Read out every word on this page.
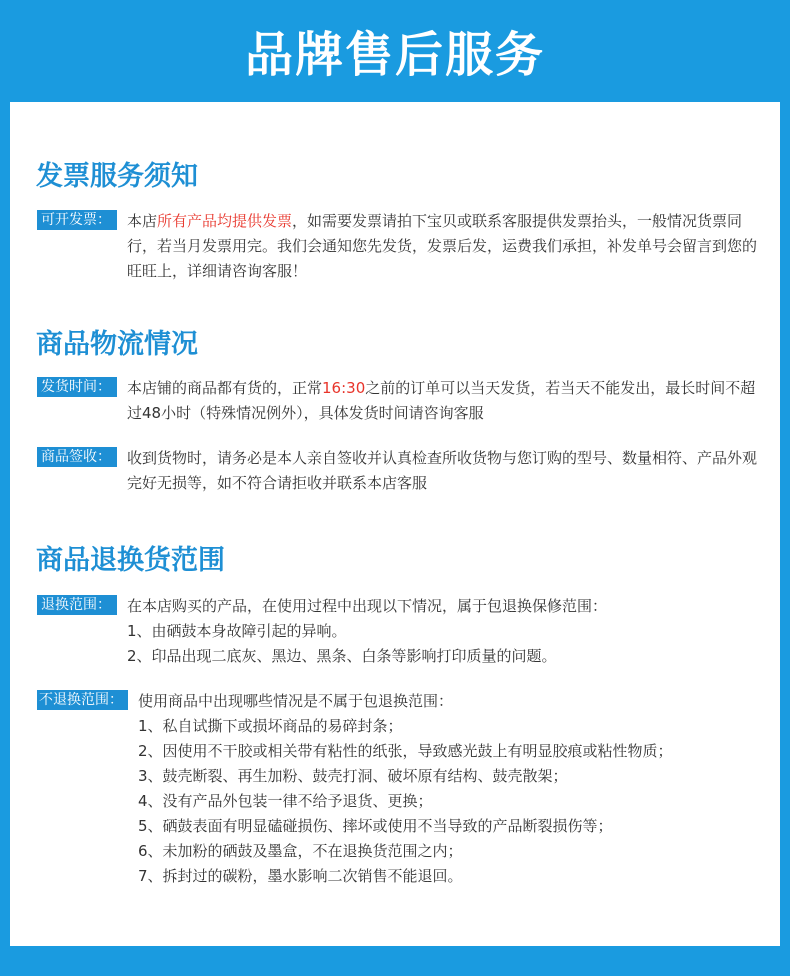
品牌售后服务
发票服务须知
可开发票：	本店所有产品均提供发票，如需要发票请拍下宝贝或联系客服提供发票抬头，一般情况货票同行，若当月发票用完。我们会通知您先发货，发票后发，运费我们承担，补发单号会留言到您的旺旺上，详细请咨询客服！
商品物流情况
发货时间：	本店铺的商品都有货的，正常16:30之前的订单可以当天发货，若当天不能发出，最长时间不超过48小时（特殊情况例外），具体发货时间请咨询客服
商品签收：	收到货物时，请务必是本人亲自签收并认真检查所收货物与您订购的型号、数量相符、产品外观完好无损等，如不符合请拒收并联系本店客服
商品退换货范围
退换范围：	在本店购买的产品，在使用过程中出现以下情况，属于包退换保修范围：
1、由硒鼓本身故障引起的异响。
2、印品出现二底灰、黑边、黑条、白条等影响打印质量的问题。
不退换范围：	使用商品中出现哪些情况是不属于包退换范围：
1、私自试撕下或损坏商品的易碎封条；
2、因使用不干胶或相关带有粘性的纸张，导致感光鼓上有明显胶痕或粘性物质；
3、鼓壳断裂、再生加粉、鼓壳打洞、破坏原有结构、鼓壳散架；
4、没有产品外包装一律不给予退货、更换；
5、硒鼓表面有明显磕碰损伤、摔坏或使用不当导致的产品断裂损伤等；
6、未加粉的硒鼓及墨盒，不在退换货范围之内；
7、拆封过的碳粉，墨水影响二次销售不能退回。
